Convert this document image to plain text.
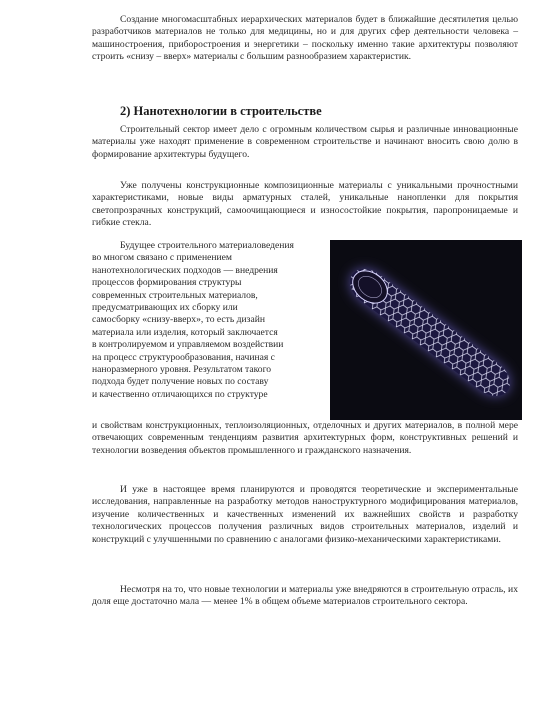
Создание многомасштабных иерархических материалов будет в ближайшие десятилетия целью разработчиков материалов не только для медицины, но и для других сфер деятельности человека – машиностроения, приборостроения и энергетики – поскольку именно такие архитектуры позволяют строить «снизу – вверх» материалы с большим разнообразием характеристик.

2) Нанотехнологии в строительстве

Строительный сектор имеет дело с огромным количеством сырья и различные инновационные материалы уже находят применение в современном строительстве и начинают вносить свою долю в формирование архитектуры будущего.

Уже получены конструкционные композиционные материалы с уникальными прочностными характеристиками, новые виды арматурных сталей, уникальные нанопленки для покрытия светопрозрачных конструкций, самоочищающиеся и износостойкие покрытия, паропроницаемые и гибкие стекла.

Будущее строительного материаловедения
во многом связано с применением
нанотехнологических подходов — внедрения
процессов формирования структуры
современных строительных материалов,
предусматривающих их сборку или
самосборку «снизу-вверх», то есть дизайн
материала или изделия, который заключается
в контролируемом и управляемом воздействии
на процесс структурообразования, начиная с
наноразмерного уровня. Результатом такого
подхода будет получение новых по составу
и качественно отличающихся по структуре

и свойствам конструкционных, теплоизоляционных, отделочных и других материалов, в полной мере отвечающих современным тенденциям развития архитектурных форм, конструктивных решений и технологии возведения объектов промышленного и гражданского назначения.

И уже в настоящее время планируются и проводятся теоретические и экспериментальные исследования, направленные на разработку методов наноструктурного модифицирования материалов, изучение количественных и качественных изменений их важнейших свойств и разработку технологических процессов получения различных видов строительных материалов, изделий и конструкций с улучшенными по сравнению с аналогами физико-механическими характеристиками.

Несмотря на то, что новые технологии и материалы уже внедряются в строительную отрасль, их доля еще достаточно мала — менее 1% в общем объеме материалов строительного сектора.
